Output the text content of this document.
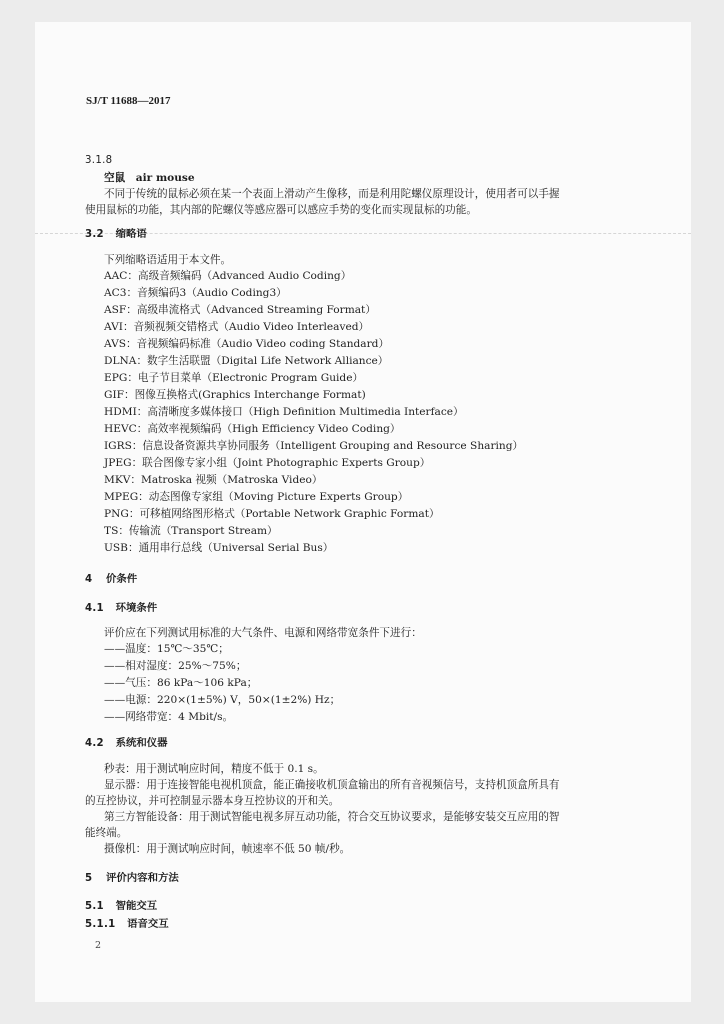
SJ/T 11688—2017
3.1.8
空鼠　air mouse
不同于传统的鼠标必须在某一个表面上滑动产生像移，而是利用陀螺仪原理设计，使用者可以手握
使用鼠标的功能，其内部的陀螺仪等感应器可以感应手势的变化而实现鼠标的功能。
3.2 缩略语
下列缩略语适用于本文件。
AAC：高级音频编码（Advanced Audio Coding）
AC3：音频编码3（Audio Coding3）
ASF：高级串流格式（Advanced Streaming Format）
AVI：音频视频交错格式（Audio Video Interleaved）
AVS：音视频编码标准（Audio Video coding Standard）
DLNA：数字生活联盟（Digital Life Network Alliance）
EPG：电子节目菜单（Electronic Program Guide）
GIF：图像互换格式(Graphics Interchange Format)
HDMI：高清晰度多媒体接口（High Definition Multimedia Interface）
HEVC：高效率视频编码（High Efficiency Video Coding）
IGRS：信息设备资源共享协同服务（Intelligent Grouping and Resource Sharing）
JPEG：联合图像专家小组（Joint Photographic Experts Group）
MKV：Matroska 视频（Matroska Video）
MPEG：动态图像专家组（Moving Picture Experts Group）
PNG：可移植网络图形格式（Portable Network Graphic Format）
TS：传输流（Transport Stream）
USB：通用串行总线（Universal Serial Bus）
4 价条件
4.1 环境条件
评价应在下列测试用标准的大气条件、电源和网络带宽条件下进行：
——温度：15℃～35℃；
——相对湿度：25%～75%；
——气压：86 kPa～106 kPa；
——电源：220×(1±5%) V，50×(1±2%) Hz；
——网络带宽：4 Mbit/s。
4.2 系统和仪器
秒表：用于测试响应时间，精度不低于 0.1 s。
显示器：用于连接智能电视机顶盒，能正确接收机顶盒输出的所有音视频信号，支持机顶盒所具有
的互控协议，并可控制显示器本身互控协议的开和关。
第三方智能设备：用于测试智能电视多屏互动功能，符合交互协议要求，是能够安装交互应用的智
能终端。
摄像机：用于测试响应时间，帧速率不低 50 帧/秒。
5 评价内容和方法
5.1 智能交互
5.1.1 语音交互
2
